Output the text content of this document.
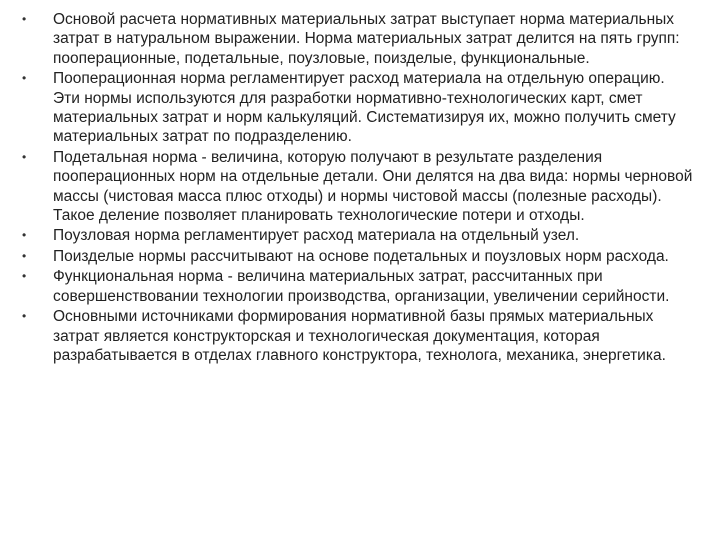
•	Основой расчета нормативных материальных затрат выступает норма материальных затрат в натуральном выражении. Норма материальных затрат делится на пять групп: пооперационные, подетальные, поузловые, поизделые, функциональные.
•	Пооперационная норма регламентирует расход материала на отдельную операцию. Эти нормы используются для разработки нормативно-технологических карт, смет материальных затрат и норм калькуляций. Систематизируя их, можно получить смету материальных затрат по подразделению.
•	Подетальная норма - величина, которую получают в результате разделения пооперационных норм на отдельные детали. Они делятся на два вида: нормы черновой массы (чистовая масса плюс отходы) и нормы чистовой массы (полезные расходы). Такое деление позволяет планировать технологические потери и отходы.
•	Поузловая норма регламентирует расход материала на отдельный узел.
•	Поизделые нормы рассчитывают на основе подетальных и поузловых норм расхода.
•	Функциональная норма - величина материальных затрат, рассчитанных при совершенствовании технологии производства, организации, увеличении серийности.
•	Основными источниками формирования нормативной базы прямых материальных затрат является конструкторская и технологическая документация, которая разрабатывается в отделах главного конструктора, технолога, механика, энергетика.
